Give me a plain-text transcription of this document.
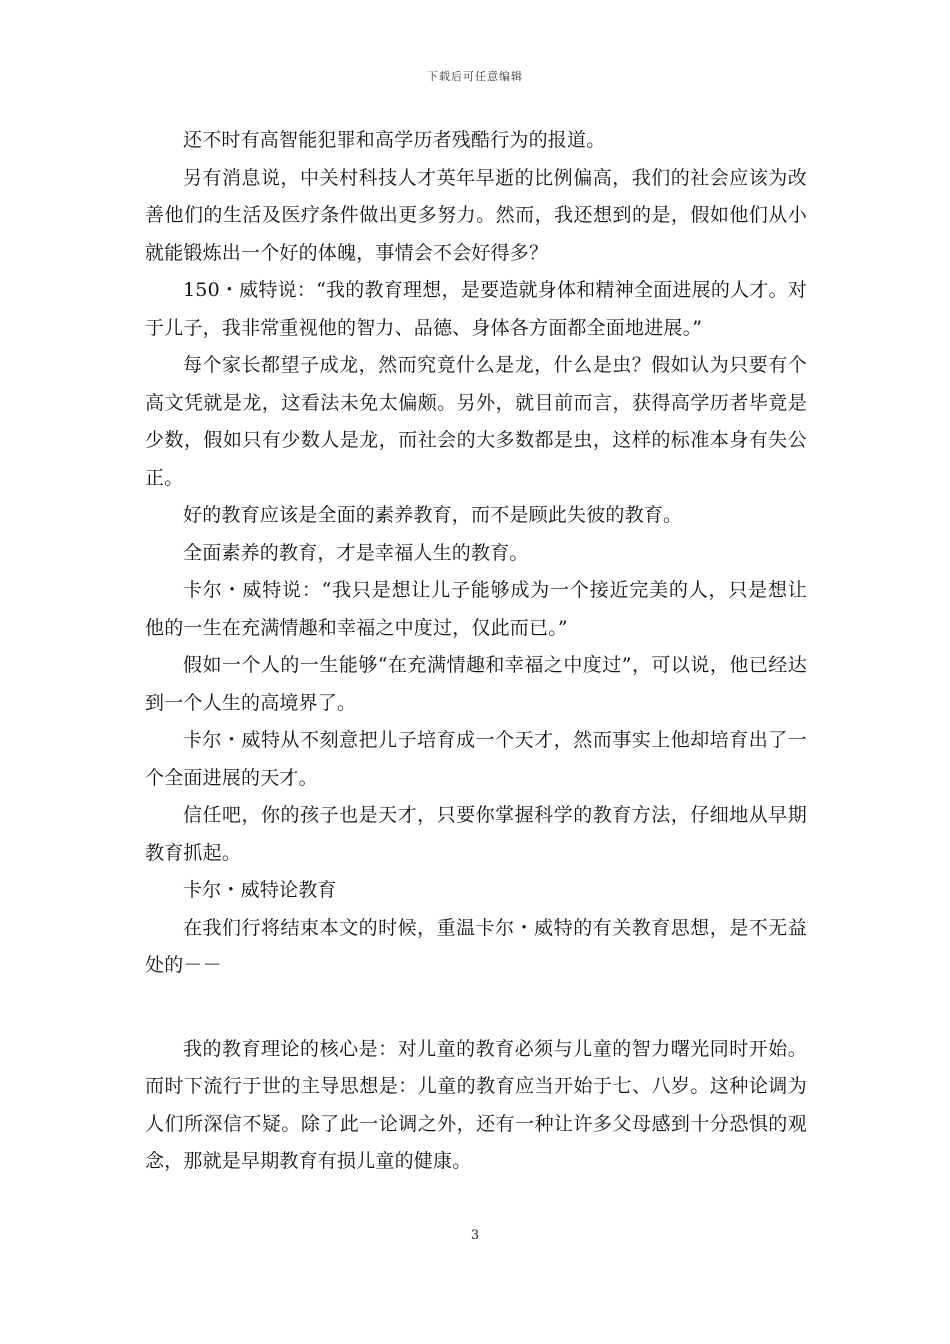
下载后可任意编辑

还不时有高智能犯罪和高学历者残酷行为的报道。

另有消息说，中关村科技人才英年早逝的比例偏高，我们的社会应该为改善他们的生活及医疗条件做出更多努力。然而，我还想到的是，假如他们从小就能锻炼出一个好的体魄，事情会不会好得多？

150・威特说：“我的教育理想，是要造就身体和精神全面进展的人才。对于儿子，我非常重视他的智力、品德、身体各方面都全面地进展。”

每个家长都望子成龙，然而究竟什么是龙，什么是虫？假如认为只要有个高文凭就是龙，这看法未免太偏颇。另外，就目前而言，获得高学历者毕竟是少数，假如只有少数人是龙，而社会的大多数都是虫，这样的标准本身有失公正。

好的教育应该是全面的素养教育，而不是顾此失彼的教育。

全面素养的教育，才是幸福人生的教育。

卡尔・威特说：“我只是想让儿子能够成为一个接近完美的人，只是想让他的一生在充满情趣和幸福之中度过，仅此而已。”

假如一个人的一生能够“在充满情趣和幸福之中度过”，可以说，他已经达到一个人生的高境界了。

卡尔・威特从不刻意把儿子培育成一个天才，然而事实上他却培育出了一个全面进展的天才。

信任吧，你的孩子也是天才，只要你掌握科学的教育方法，仔细地从早期教育抓起。

卡尔・威特论教育

在我们行将结束本文的时候，重温卡尔・威特的有关教育思想，是不无益处的－－

我的教育理论的核心是：对儿童的教育必须与儿童的智力曙光同时开始。而时下流行于世的主导思想是：儿童的教育应当开始于七、八岁。这种论调为人们所深信不疑。除了此一论调之外，还有一种让许多父母感到十分恐惧的观念，那就是早期教育有损儿童的健康。

3
